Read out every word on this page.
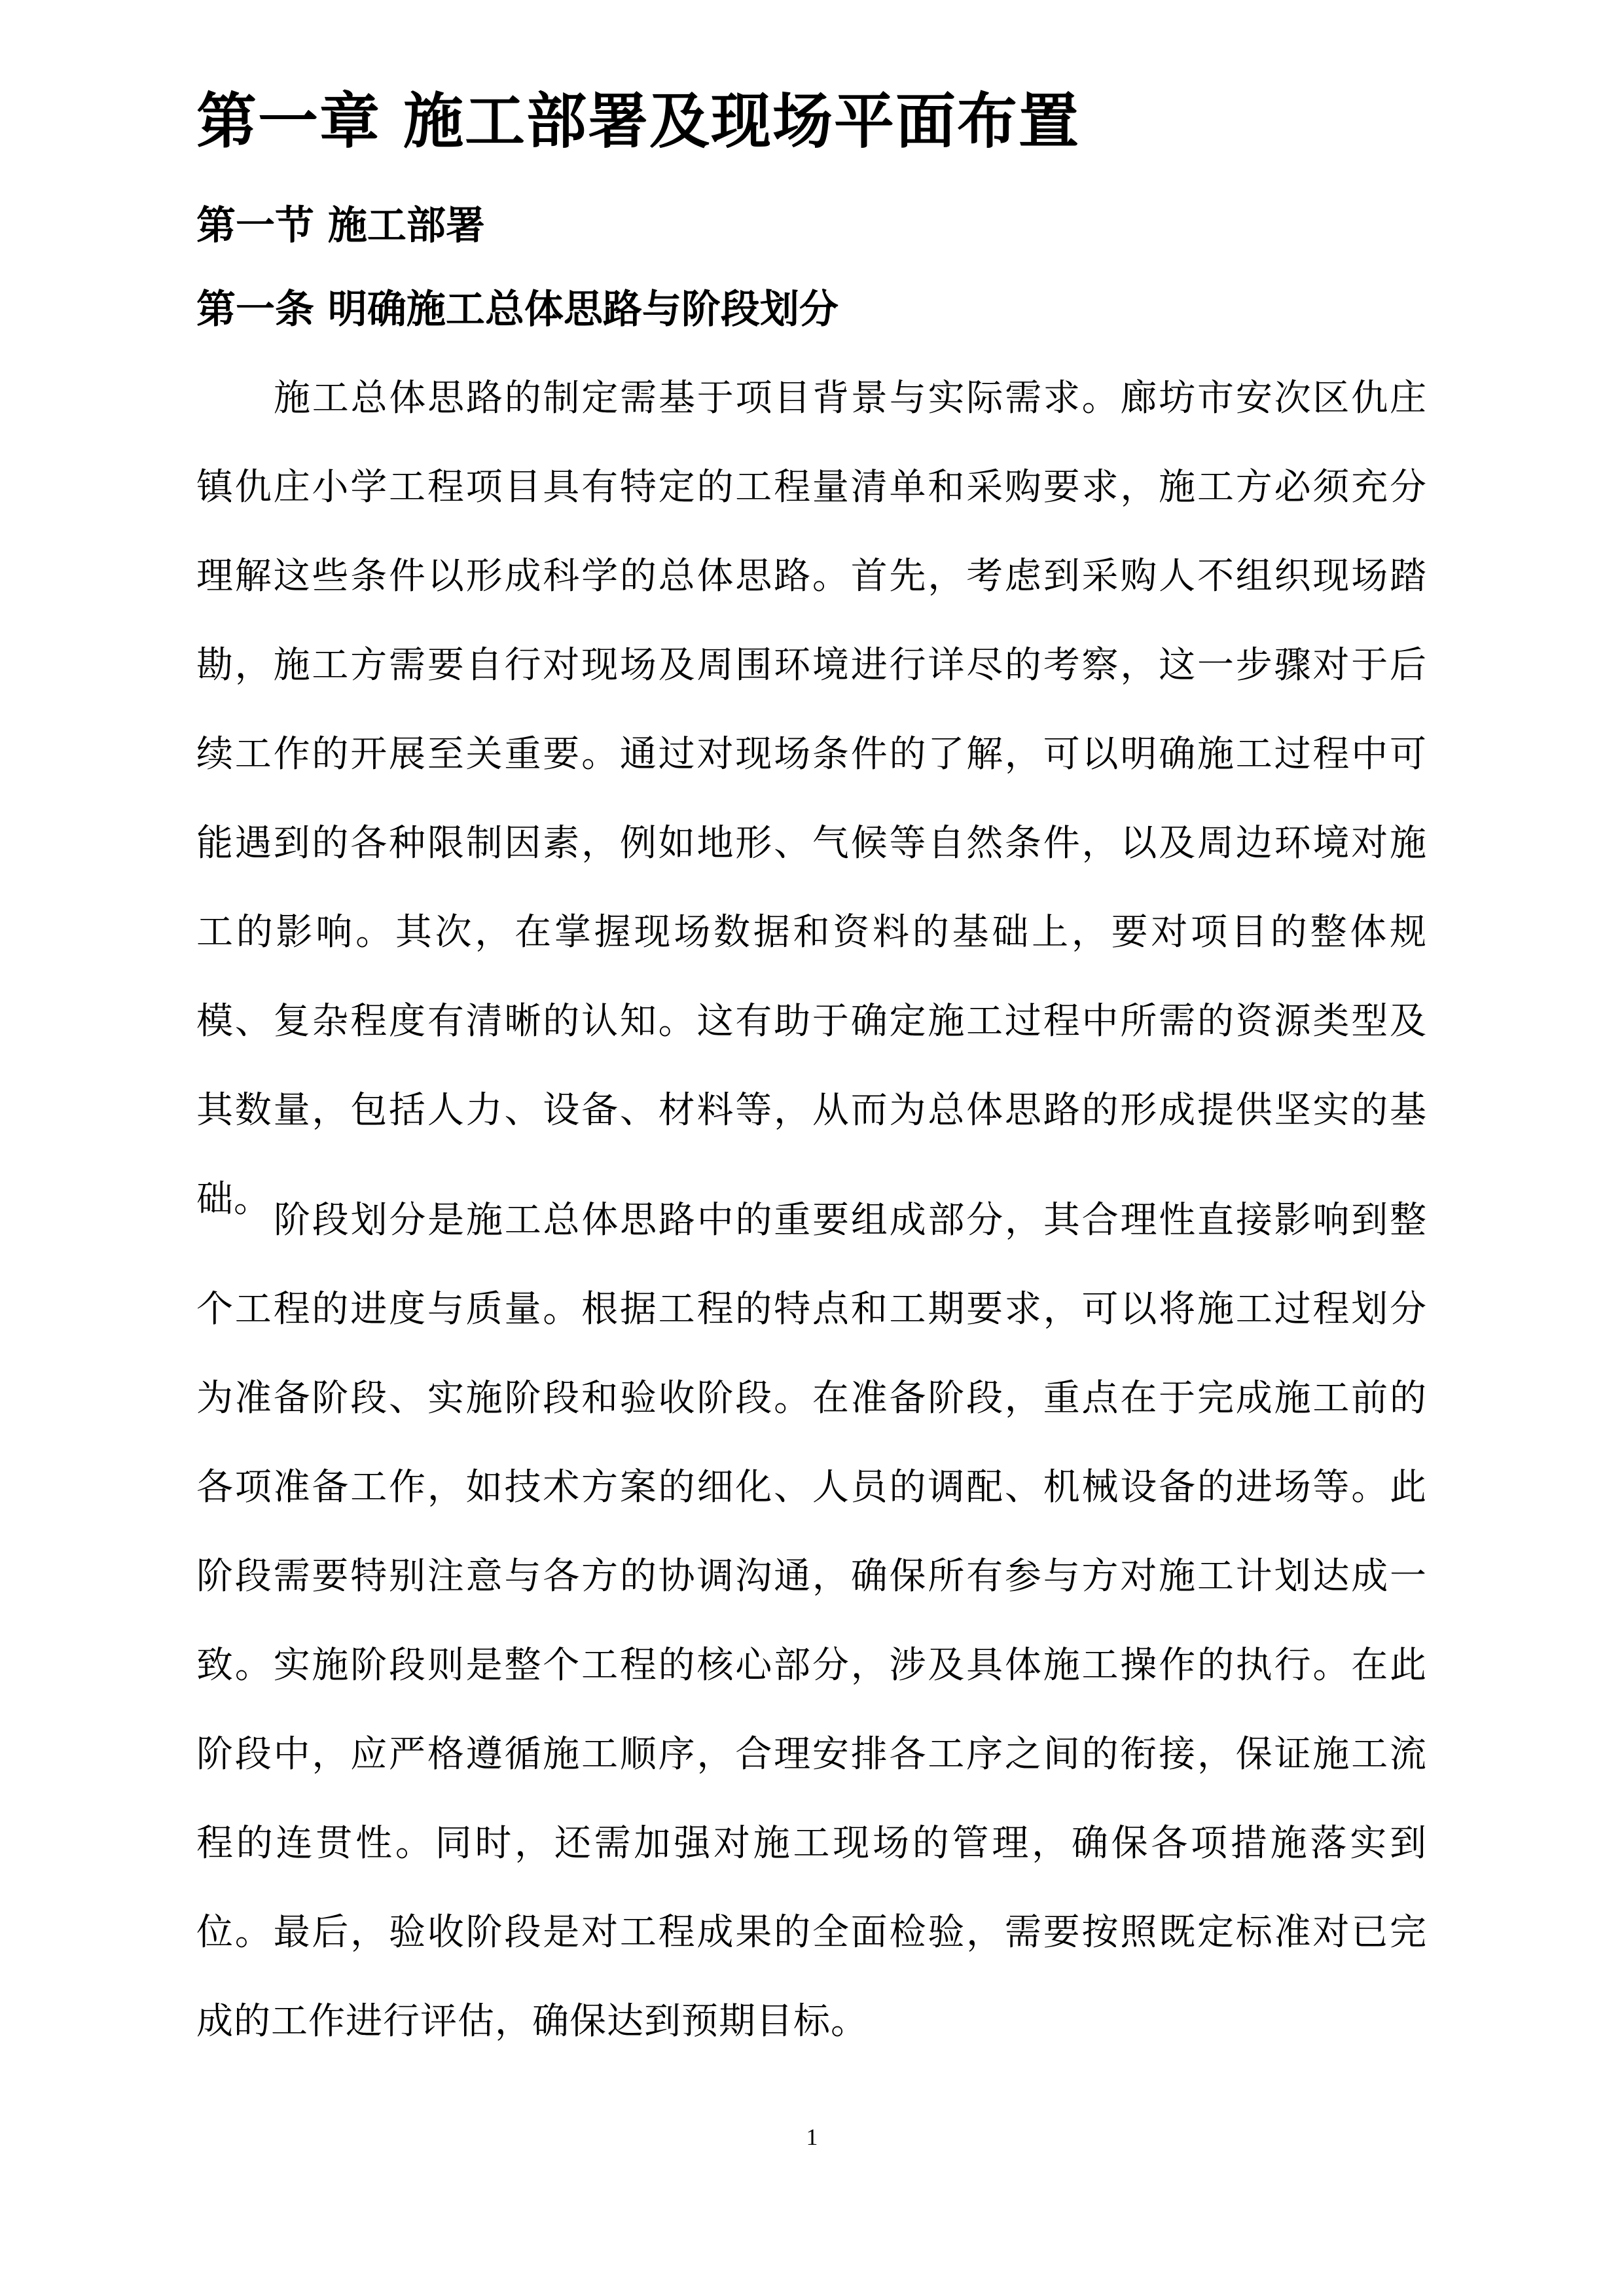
第一章 施工部署及现场平面布置
第一节 施工部署
第一条 明确施工总体思路与阶段划分

施工总体思路的制定需基于项目背景与实际需求。廊坊市安次区仇庄镇仇庄小学工程项目具有特定的工程量清单和采购要求，施工方必须充分理解这些条件以形成科学的总体思路。首先，考虑到采购人不组织现场踏勘，施工方需要自行对现场及周围环境进行详尽的考察，这一步骤对于后续工作的开展至关重要。通过对现场条件的了解，可以明确施工过程中可能遇到的各种限制因素，例如地形、气候等自然条件，以及周边环境对施工的影响。其次，在掌握现场数据和资料的基础上，要对项目的整体规模、复杂程度有清晰的认知。这有助于确定施工过程中所需的资源类型及其数量，包括人力、设备、材料等，从而为总体思路的形成提供坚实的基础。 阶段划分是施工总体思路中的重要组成部分，其合理性直接影响到整个工程的进度与质量。根据工程的特点和工期要求，可以将施工过程划分为准备阶段、实施阶段和验收阶段。在准备阶段，重点在于完成施工前的各项准备工作，如技术方案的细化、人员的调配、机械设备的进场等。此阶段需要特别注意与各方的协调沟通，确保所有参与方对施工计划达成一致。实施阶段则是整个工程的核心部分，涉及具体施工操作的执行。在此阶段中，应严格遵循施工顺序，合理安排各工序之间的衔接，保证施工流程的连贯性。同时，还需加强对施工现场的管理，确保各项措施落实到位。最后，验收阶段是对工程成果的全面检验，需要按照既定标准对已完成的工作进行评估，确保达到预期目标。

1
